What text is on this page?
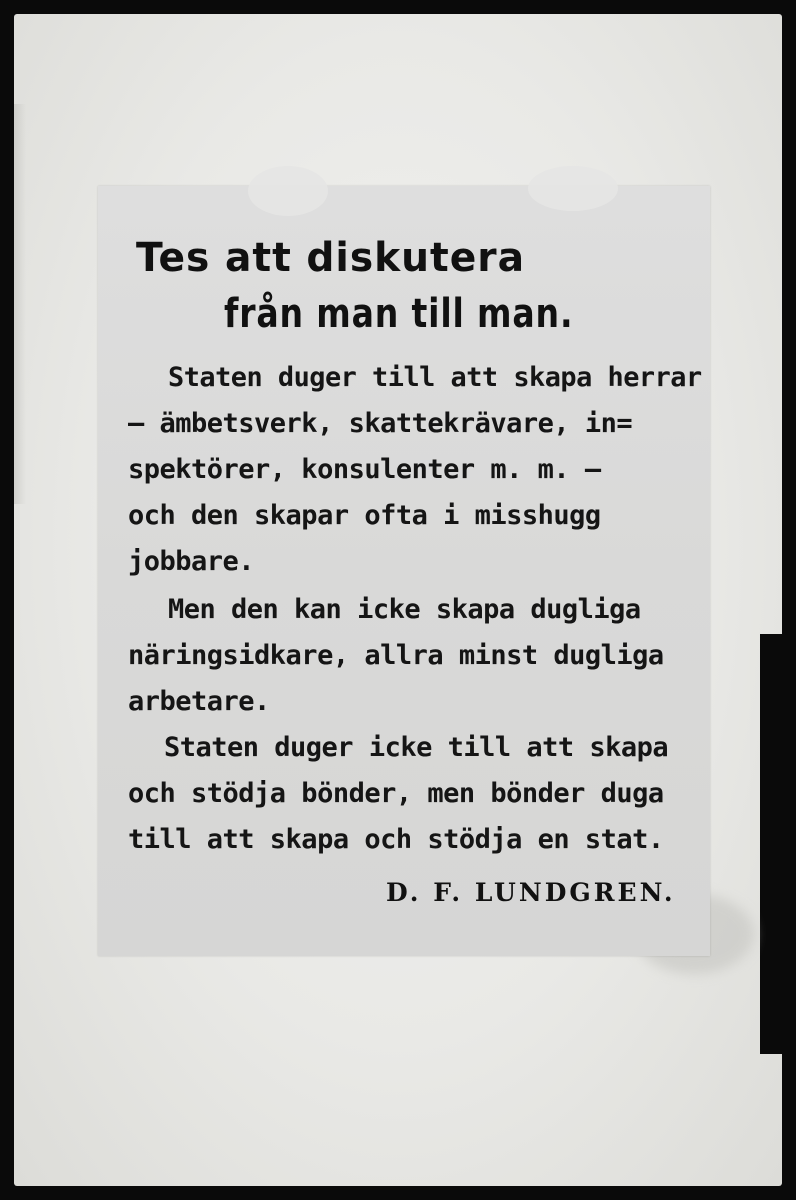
Tes att diskutera
från man till man.
Staten duger till att skapa herrar
— ämbetsverk, skattekrävare, in=
spektörer, konsulenter m. m. —
och den skapar ofta i misshugg
jobbare.
Men den kan icke skapa dugliga
näringsidkare, allra minst dugliga
arbetare.
Staten duger icke till att skapa
och stödja bönder, men bönder duga
till att skapa och stödja en stat.
D. F. LUNDGREN.
